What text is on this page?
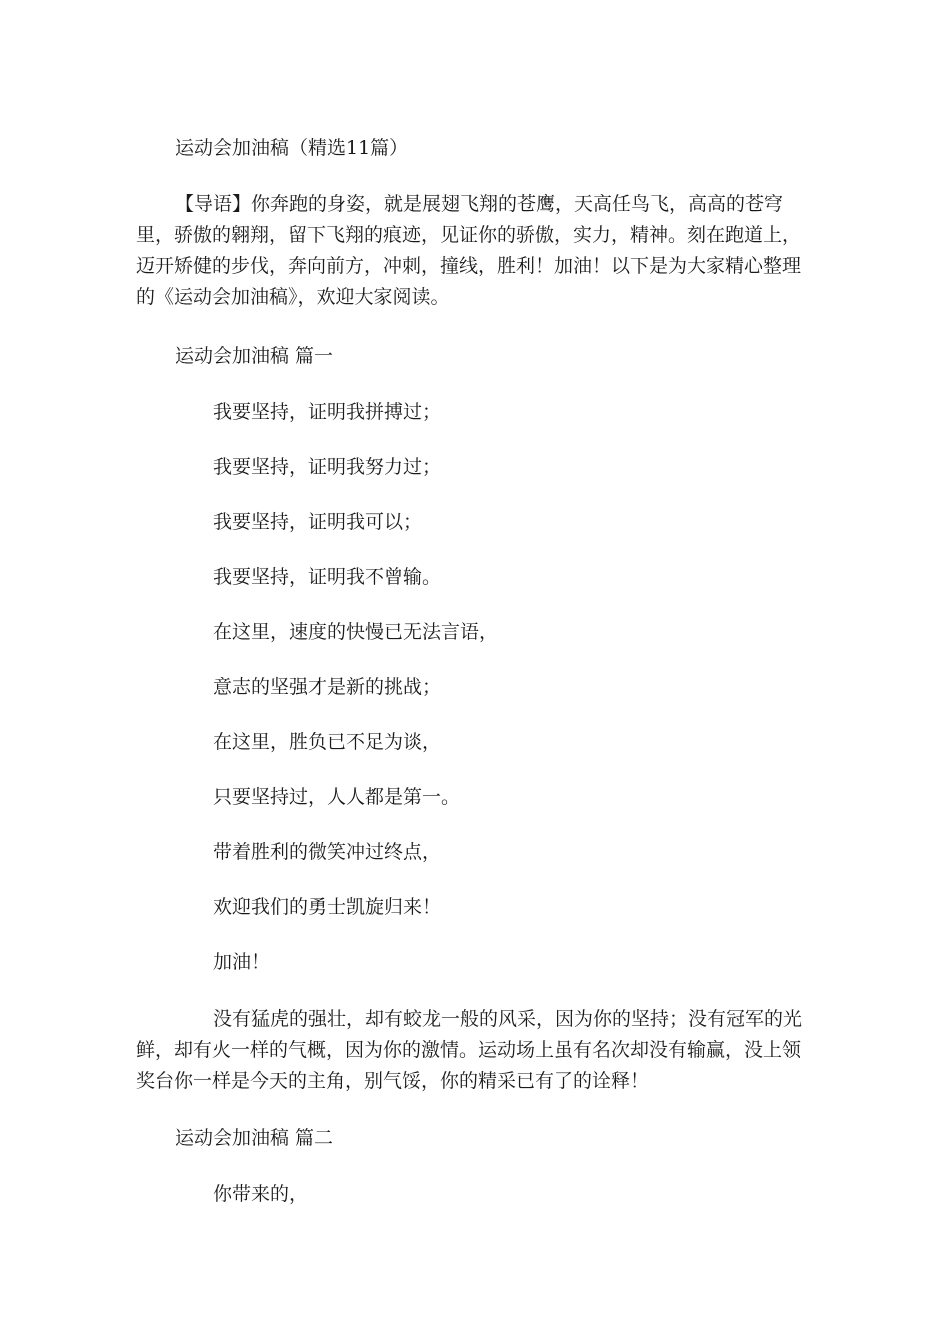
运动会加油稿（精选11篇）
【导语】你奔跑的身姿，就是展翅飞翔的苍鹰，天高任鸟飞，高高的苍穹里，骄傲的翱翔，留下飞翔的痕迹，见证你的骄傲，实力，精神。刻在跑道上，迈开矫健的步伐，奔向前方，冲刺，撞线，胜利！加油！以下是为大家精心整理的《运动会加油稿》，欢迎大家阅读。
运动会加油稿 篇一
我要坚持，证明我拼搏过；
我要坚持，证明我努力过；
我要坚持，证明我可以；
我要坚持，证明我不曾输。
在这里，速度的快慢已无法言语，
意志的坚强才是新的挑战；
在这里，胜负已不足为谈，
只要坚持过，人人都是第一。
带着胜利的微笑冲过终点，
欢迎我们的勇士凯旋归来！
加油！
没有猛虎的强壮，却有蛟龙一般的风采，因为你的坚持；没有冠军的光鲜，却有火一样的气概，因为你的激情。运动场上虽有名次却没有输赢，没上领奖台你一样是今天的主角，别气馁，你的精采已有了的诠释！
运动会加油稿 篇二
你带来的，
